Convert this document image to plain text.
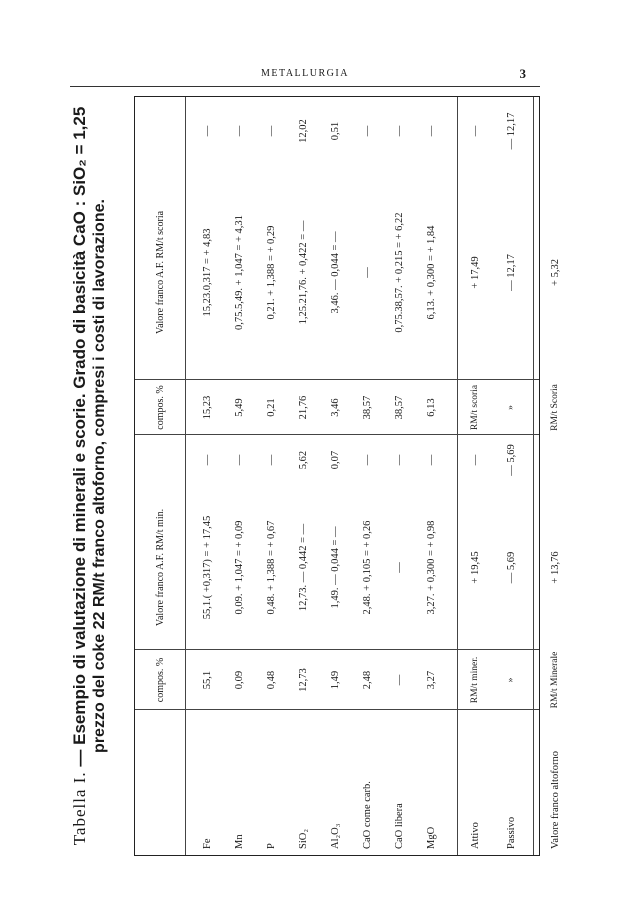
METALLURGIA	3
Tabella I. — Esempio di valutazione di minerali e scorie. Grado di basicità CaO : SiO₂ = 1,25 prezzo del coke 22 RM/t franco altoforno, compresi i costi di lavorazione.	compos. %
Valore franco A.F. RM/t min.
compos. %
Valore franco A.F. RM/t scoria
Fe
55,1
55,1.( +0,317) = + 17,45
—
15,23
15,23.0,317 = + 4,83
—
Mn
0,09
0,09. + 1,047 = + 0,09
—
5,49
0,75.5,49. + 1,047 = + 4,31
—
P
0,48
0,48. + 1,388 = + 0,67
—
0,21
0,21. + 1,388 = + 0,29
—
SiO₂
12,73
12,73. — 0,442 = —
5,62
21,76
1,25.21,76. + 0,422 = —
12,02
Al₂O₃
1,49
1,49. — 0,044 = —
0,07
3,46
3,46. — 0,044 = —
0,51
CaO come carb.
2,48
2,48. + 0,105 = + 0,26
—
38,57
—
—
CaO libera
—
—
—
38,57
0,75.38,57. + 0,215 = + 6,22
—
MgO
3,27
3,27. + 0,300 = + 0,98
—
6,13
6,13. + 0,300 = + 1,84
—
Attivo
RM/t miner.
+ 19,45
—
RM/t scoria
+ 17,49
—
Passivo
»
— 5,69
— 5,69
»
— 12,17
— 12,17
Valore franco altoforno
RM/t Minerale
+ 13,76
RM/t Scoria
+ 5,32
